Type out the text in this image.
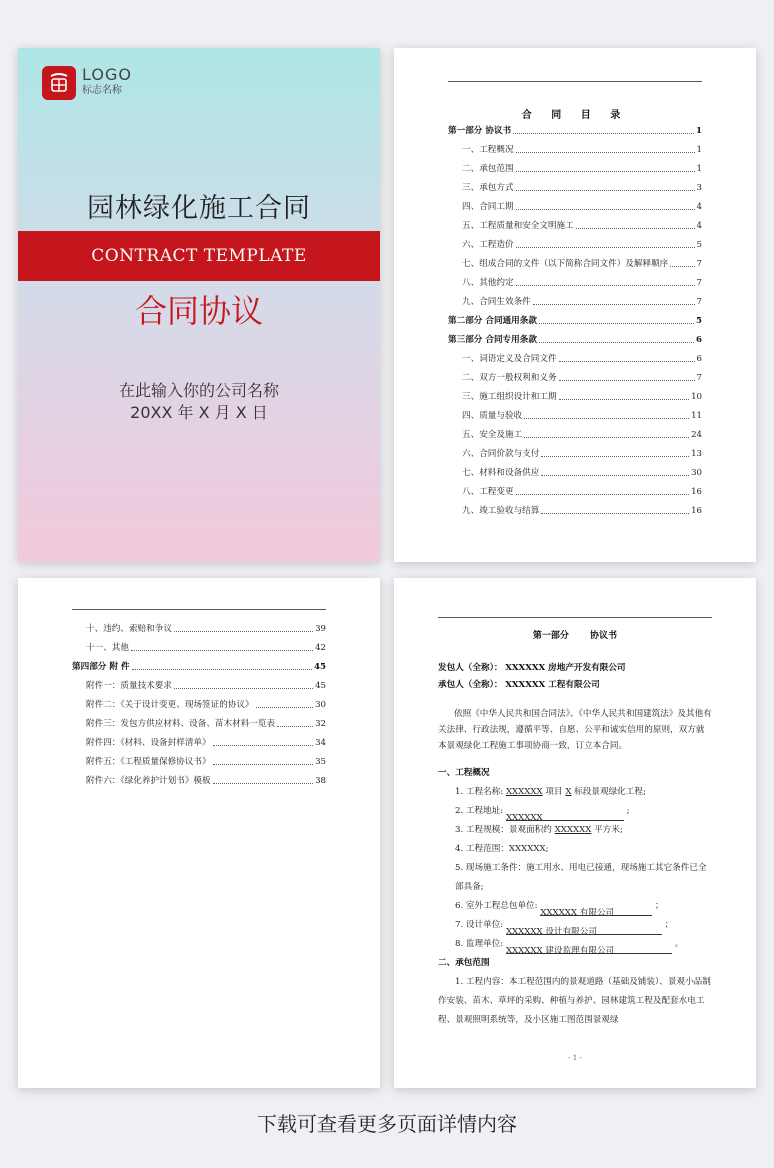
LOGO
标志名称
园林绿化施工合同
CONTRACT TEMPLATE
合同协议
在此输入你的公司名称
20XX 年 X 月 X 日
合 同 目 录
第一部分 协议书	1
一、工程概况	1
二、承包范围	1
三、承包方式	3
四、合同工期	4
五、工程质量和安全文明施工	4
六、工程造价	5
七、组成合同的文件（以下简称合同文件）及解释顺序	7
八、其他约定	7
九、合同生效条件	7
第二部分 合同通用条款	5
第三部分 合同专用条款	6
一、词语定义及合同文件	6
二、双方一般权利和义务	7
三、施工组织设计和工期	10
四、质量与验收	11
五、安全及施工	24
六、合同价款与支付	13
七、材料和设备供应	30
八、工程变更	16
九、竣工验收与结算	16
十、违约、索赔和争议	39
十一、其他	42
第四部分 附 件	45
附件一：质量技术要求	45
附件二：《关于设计变更、现场签证的协议》	30
附件三：发包方供应材料、设备、苗木材料一览表	32
附件四：《材料、设备封样清单》	34
附件五：《工程质量保修协议书》	35
附件六：《绿化养护计划书》模板	38
第一部分 协议书
发包人（全称）： XXXXXX 房地产开发有限公司
承包人（全称）： XXXXXX 工程有限公司
依照《中华人民共和国合同法》、《中华人民共和国建筑法》及其他有关法律、行政法规，遵循平等、自愿、公平和诚实信用的原则，双方就本景观绿化工程施工事项协商一致，订立本合同。
一、工程概况
1. 工程名称: XXXXXX 项目 X 标段景观绿化工程;
2. 工程地址: XXXXXX ;
3. 工程规模：景观面积约 XXXXXX 平方米;
4. 工程范围：XXXXXX;
5. 现场施工条件：施工用水、用电已接通，现场施工其它条件已全部具备;
6. 室外工程总包单位: XXXXXX 有限公司 ；
7. 设计单位: XXXXXX 设计有限公司 ；
8. 监理单位: XXXXXX 建设监理有限公司 。
二、承包范围
1. 工程内容：本工程范围内的景观道路（基础及铺装）、景观小品制作安装、苗木、草坪的采购、种植与养护、园林建筑工程及配套水电工程、景观照明系统等，及小区施工图范围景观绿
- 1 -
下载可查看更多页面详情内容
